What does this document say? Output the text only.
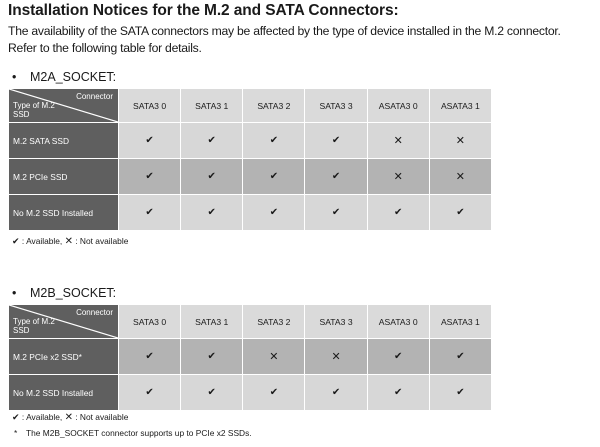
Installation Notices for the M.2 and SATA Connectors:
The availability of the SATA connectors may be affected by the type of device installed in the M.2 connector.
Refer to the following table for details.
• M2A_SOCKET:
Connector
Type of M.2
SSD	SATA3 0	SATA3 1	SATA3 2	SATA3 3	ASATA3 0	ASATA3 1
M.2 SATA SSD	✔	✔	✔	✔	✕	✕
M.2 PCIe SSD	✔	✔	✔	✔	✕	✕
No M.2 SSD Installed	✔	✔	✔	✔	✔	✔
✔ : Available, ✕ : Not available
• M2B_SOCKET:
Connector
Type of M.2
SSD	SATA3 0	SATA3 1	SATA3 2	SATA3 3	ASATA3 0	ASATA3 1
M.2 PCIe x2 SSD*	✔	✔	✕	✕	✔	✔
No M.2 SSD Installed	✔	✔	✔	✔	✔	✔
✔ : Available, ✕ : Not available
* The M2B_SOCKET connector supports up to PCIe x2 SSDs.
